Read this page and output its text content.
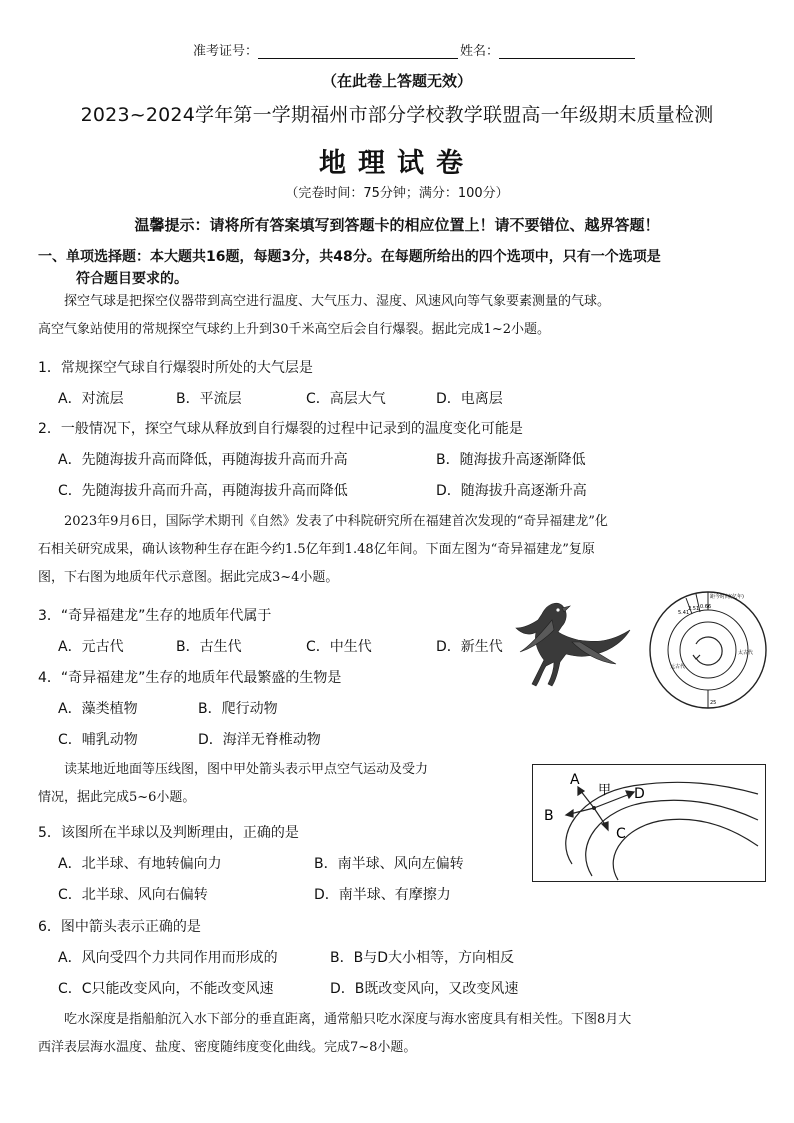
准考证号：	姓名：
（在此卷上答题无效）
2023~2024学年第一学期福州市部分学校教学联盟高一年级期末质量检测
地理试卷
（完卷时间：75分钟；满分：100分）
温馨提示：请将所有答案填写到答题卡的相应位置上！请不要错位、越界答题！
一、单项选择题：本大题共16题，每题3分，共48分。在每题所给出的四个选项中，只有一个选项是
符合题目要求的。
探空气球是把探空仪器带到高空进行温度、大气压力、湿度、风速风向等气象要素测量的气球。
高空气象站使用的常规探空气球约上升到30千米高空后会自行爆裂。据此完成1~2小题。
1．常规探空气球自行爆裂时所处的大气层是
A．对流层	B．平流层	C．高层大气	D．电离层
2．一般情况下，探空气球从释放到自行爆裂的过程中记录到的温度变化可能是
A．先随海拔升高而降低，再随海拔升高而升高	B．随海拔升高逐渐降低
C．先随海拔升高而升高，再随海拔升高而降低	D．随海拔升高逐渐升高
2023年9月6日，国际学术期刊《自然》发表了中科院研究所在福建首次发现的“奇异福建龙”化
石相关研究成果，确认该物种生存在距今约1.5亿年到1.48亿年间。下面左图为“奇异福建龙”复原
图，下右图为地质年代示意图。据此完成3~4小题。
3．“奇异福建龙”生存的地质年代属于
A．元古代	B．古生代	C．中生代	D．新生代
4．“奇异福建龙”生存的地质年代最繁盛的生物是
A．藻类植物	B．爬行动物
C．哺乳动物	D．海洋无脊椎动物
距今时间(亿年)
2.51 0.66
5.41
25
元古代
太古代
读某地近地面等压线图，图中甲处箭头表示甲点空气运动及受力
情况，据此完成5~6小题。
A
B
C
D
甲
5．该图所在半球以及判断理由，正确的是
A．北半球、有地转偏向力	B．南半球、风向左偏转
C．北半球、风向右偏转	D．南半球、有摩擦力
6．图中箭头表示正确的是
A．风向受四个力共同作用而形成的	B．B与D大小相等，方向相反
C．C只能改变风向，不能改变风速	D．B既改变风向，又改变风速
吃水深度是指船舶沉入水下部分的垂直距离，通常船只吃水深度与海水密度具有相关性。下图8月大
西洋表层海水温度、盐度、密度随纬度变化曲线。完成7~8小题。
